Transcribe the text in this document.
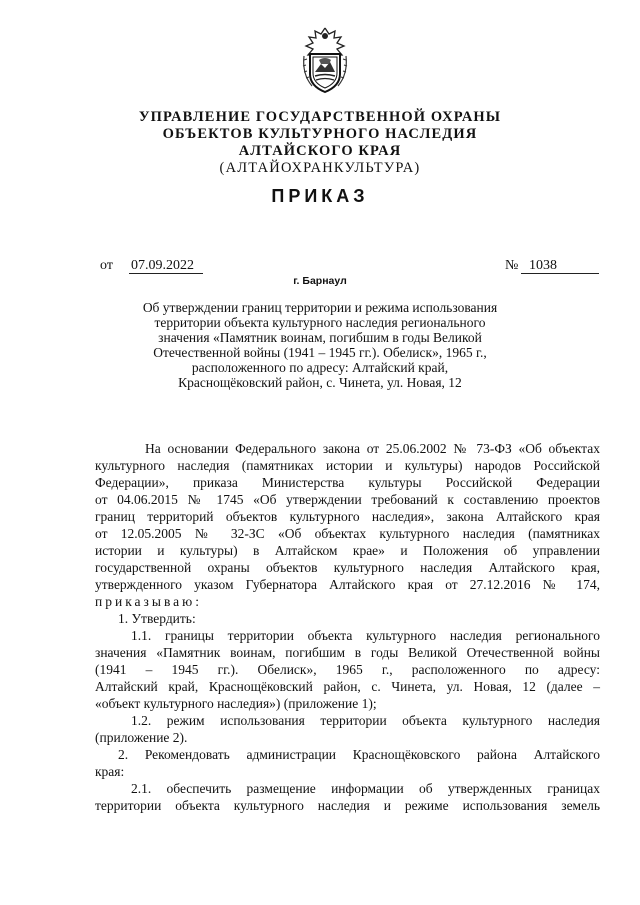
УПРАВЛЕНИЕ ГОСУДАРСТВЕННОЙ ОХРАНЫ
ОБЪЕКТОВ КУЛЬТУРНОГО НАСЛЕДИЯ
АЛТАЙСКОГО КРАЯ
(АЛТАЙОХРАНКУЛЬТУРА)
ПРИКАЗ
от 07.09.2022	№ 1038
г. Барнаул
Об утверждении границ территории и режима использования
территории объекта культурного наследия регионального
значения «Памятник воинам, погибшим в годы Великой
Отечественной войны (1941 – 1945 гг.). Обелиск», 1965 г.,
расположенного по адресу: Алтайский край,
Краснощёковский район, с. Чинета, ул. Новая, 12
На основании Федерального закона от 25.06.2002 № 73-ФЗ «Об объектах
культурного наследия (памятниках истории и культуры) народов Российской
Федерации», приказа Министерства культуры Российской Федерации
от 04.06.2015 № 1745 «Об утверждении требований к составлению проектов
границ территорий объектов культурного наследия», закона Алтайского края
от 12.05.2005 № 32-ЗС «Об объектах культурного наследия (памятниках
истории и культуры) в Алтайском крае» и Положения об управлении
государственной охраны объектов культурного наследия Алтайского края,
утвержденного указом Губернатора Алтайского края от 27.12.2016 № 174,
приказываю:
1. Утвердить:
1.1. границы территории объекта культурного наследия регионального
значения «Памятник воинам, погибшим в годы Великой Отечественной войны
(1941 – 1945 гг.). Обелиск», 1965 г., расположенного по адресу:
Алтайский край, Краснощёковский район, с. Чинета, ул. Новая, 12 (далее –
«объект культурного наследия») (приложение 1);
1.2. режим использования территории объекта культурного наследия
(приложение 2).
2. Рекомендовать администрации Краснощёковского района Алтайского
края:
2.1. обеспечить размещение информации об утвержденных границах
территории объекта культурного наследия и режиме использования земель
